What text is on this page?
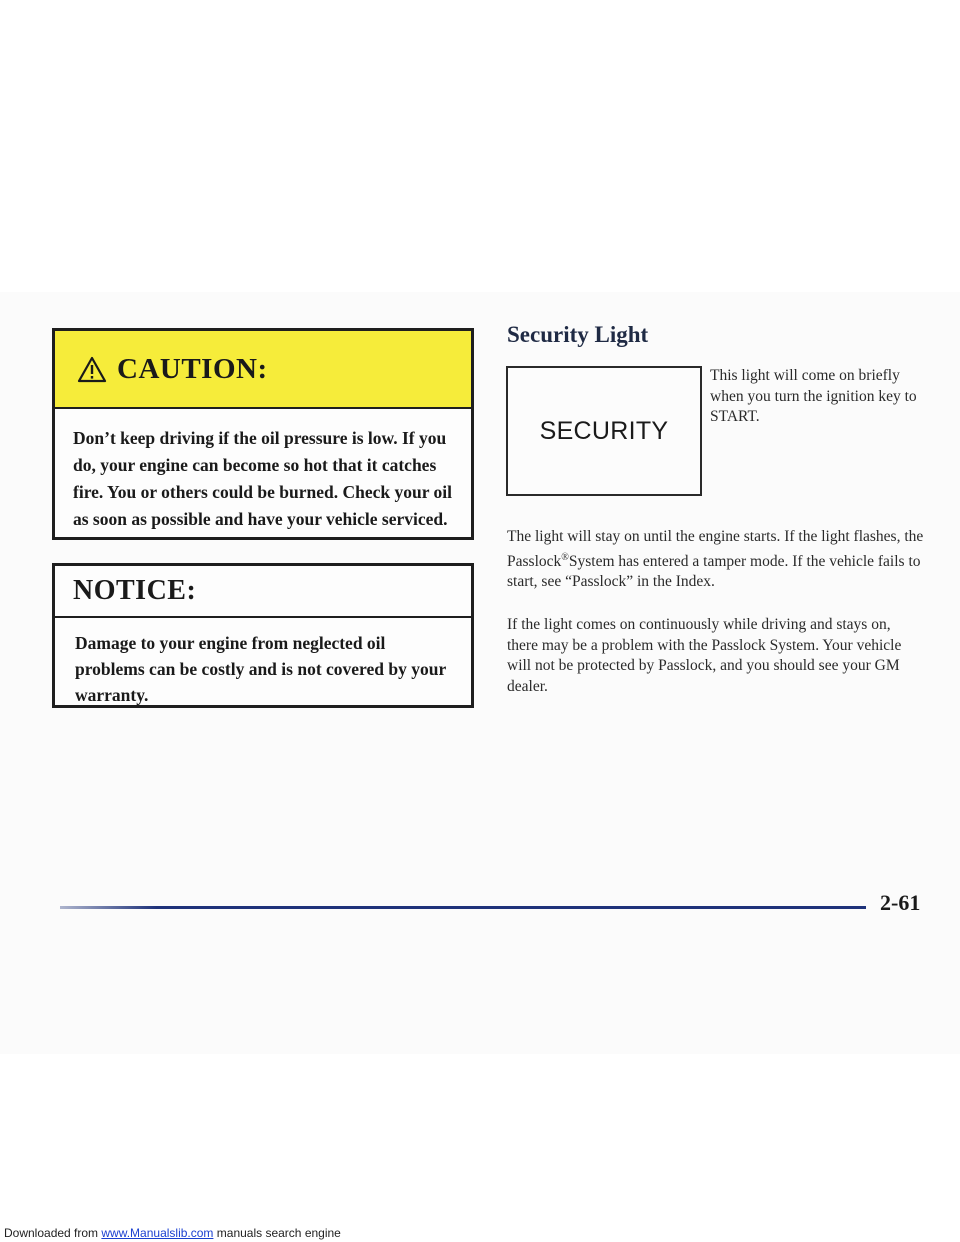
CAUTION:
Don’t keep driving if the oil pressure is low. If you do, your engine can become so hot that it catches fire. You or others could be burned. Check your oil as soon as possible and have your vehicle serviced.
NOTICE:
Damage to your engine from neglected oil problems can be costly and is not covered by your warranty.
Security Light
SECURITY
This light will come on briefly when you turn the ignition key to START.

The light will stay on until the engine starts. If the light flashes, the Passlock®System has entered a tamper mode. If the vehicle fails to start, see “Passlock” in the Index.

If the light comes on continuously while driving and stays on, there may be a problem with the Passlock System. Your vehicle will not be protected by Passlock, and you should see your GM dealer.

2-61
Downloaded from www.Manualslib.com manuals search engine
